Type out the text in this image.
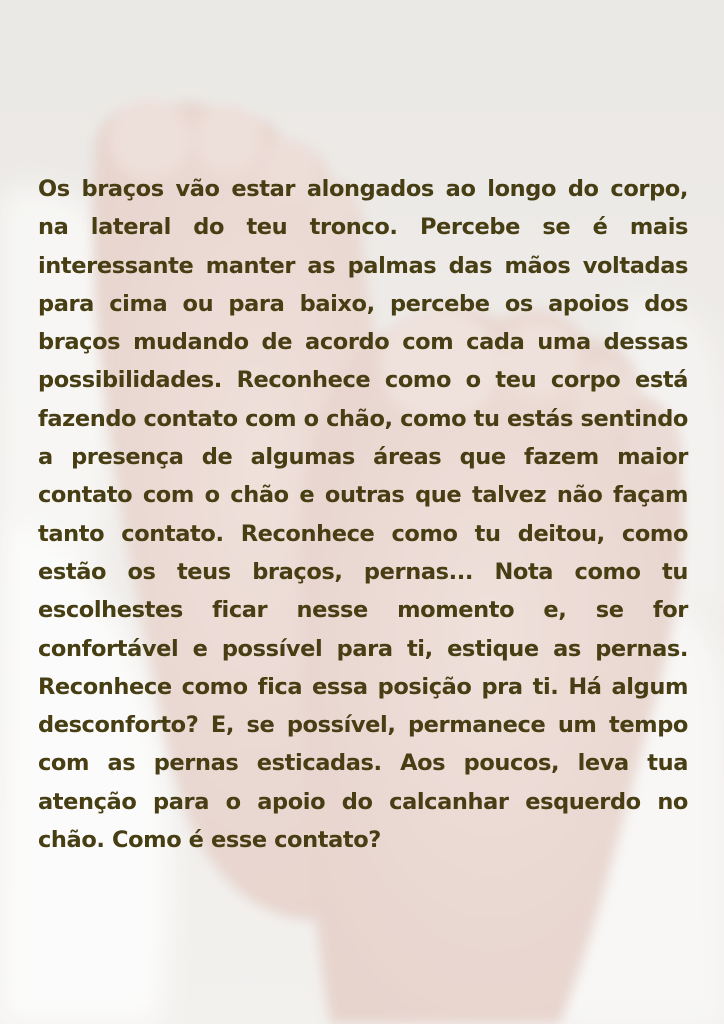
Os braços vão estar alongados ao longo do corpo, na lateral do teu tronco. Percebe se é mais interessante manter as palmas das mãos voltadas para cima ou para baixo, percebe os apoios dos braços mudando de acordo com cada uma dessas possibilidades. Reconhece como o teu corpo está fazendo contato com o chão, como tu estás sentindo a presença de algumas áreas que fazem maior contato com o chão e outras que talvez não façam tanto contato. Reconhece como tu deitou, como estão os teus braços, pernas... Nota como tu escolhestes ficar nesse momento e, se for confortável e possível para ti, estique as pernas. Reconhece como fica essa posição pra ti. Há algum desconforto? E, se possível, permanece um tempo com as pernas esticadas. Aos poucos, leva tua atenção para o apoio do calcanhar esquerdo no chão. Como é esse contato?
